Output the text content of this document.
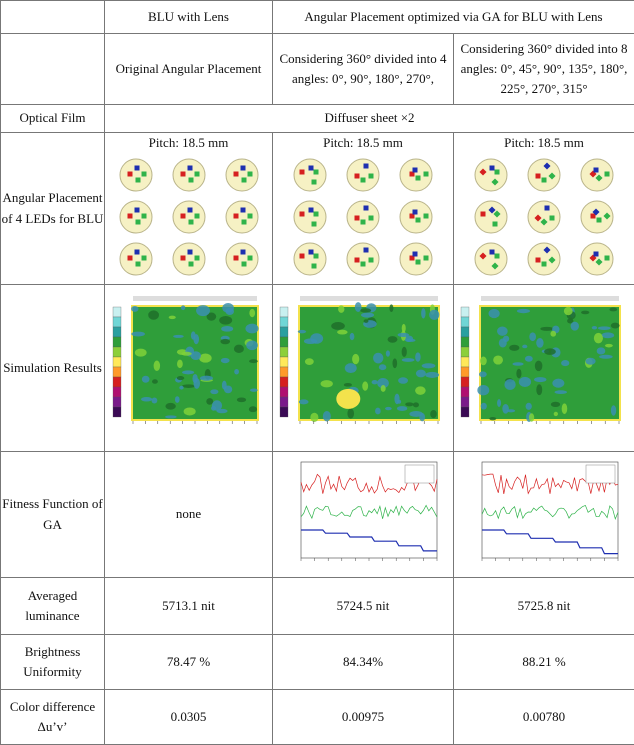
	BLU with Lens	Angular Placement optimized via GA for BLU with Lens	
	Original Angular Placement	Considering 360° divided into 4 angles: 0°, 90°, 180°, 270°,	Considering 360° divided into 8 angles: 0°, 45°, 90°, 135°, 180°, 225°, 270°, 315°
Optical Film	Diffuser sheet ×2		
Angular Placement of 4 LEDs for BLU	Pitch: 18.5 mm	Pitch: 18.5 mm	Pitch: 18.5 mm

Simulation Results	

Fitness Function of GA	none	

Averaged luminance	5713.1 nit	5724.5 nit	5725.8 nit
Brightness Uniformity	78.47 %	84.34%	88.21 %
Color difference Δu’v’	0.0305	0.00975	0.00780
